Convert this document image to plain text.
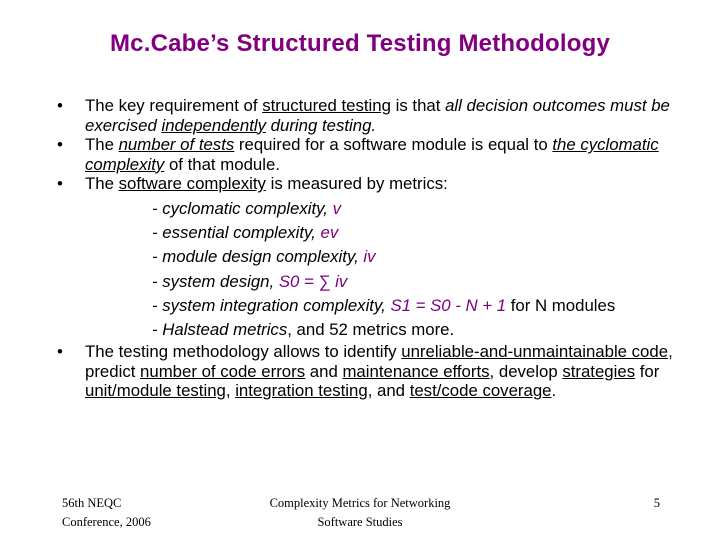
Mc.Cabe’s Structured Testing Methodology
• The key requirement of structured testing is that all decision outcomes must be exercised independently during testing.
• The number of tests required for a software module is equal to the cyclomatic complexity of that module.
• The software complexity is measured by metrics:
- cyclomatic complexity, v
- essential complexity, ev
- module design complexity, iv
- system design, S0 = ∑ iv
- system integration complexity, S1 = S0 - N + 1 for N modules
- Halstead metrics, and 52 metrics more.
• The testing methodology allows to identify unreliable-and-unmaintainable code, predict number of code errors and maintenance efforts, develop strategies for unit/module testing, integration testing, and test/code coverage.
56th NEQC
Conference, 2006
Complexity Metrics for Networking
Software Studies
5
